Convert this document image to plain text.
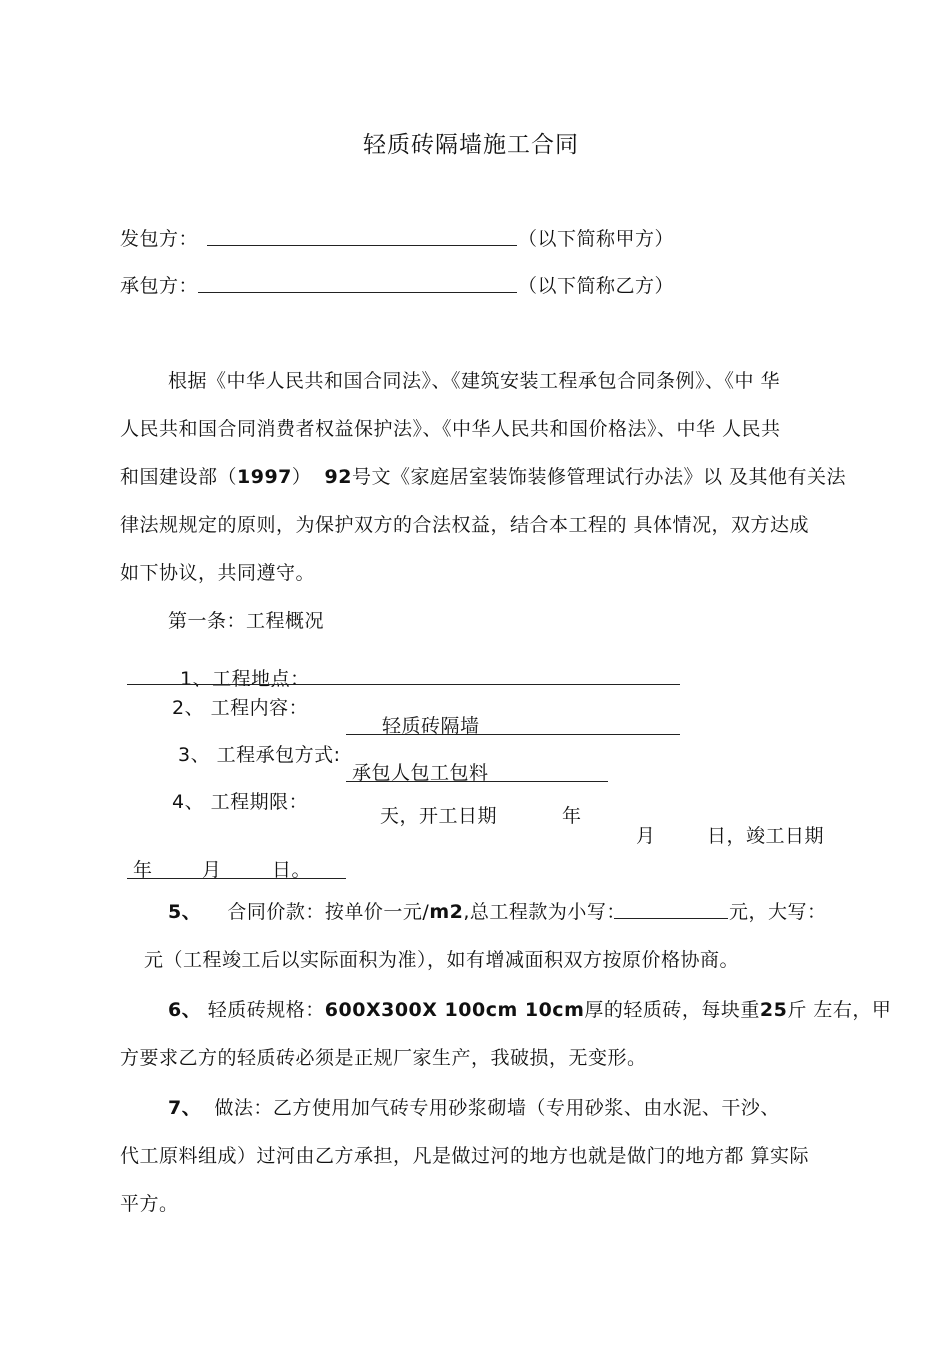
轻质砖隔墙施工合同
发包方：	（以下简称甲方）
承包方：	（以下简称乙方）
根据《中华人民共和国合同法》、《建筑安装工程承包合同条例》、《中 华
人民共和国合同消费者权益保护法》、《中华人民共和国价格法》、中华 人民共
和国建设部（1997） 92号文《家庭居室装饰装修管理试行办法》以 及其他有关法
律法规规定的原则，为保护双方的合法权益，结合本工程的 具体情况，双方达成
如下协议，共同遵守。
第一条：工程概况
1、工程地点：
2、 工程内容：
轻质砖隔墙
3、 工程承包方式:
承包人包工包料
4、 工程期限：
天，开工日期	年
月	日，竣工日期
年	月	日。
5、 合同价款：按单价一元/m2,总工程款为小写：	元，大写：
元（工程竣工后以实际面积为准），如有增减面积双方按原价格协商。
6、 轻质砖规格：600X300X 100cm 10cm厚的轻质砖，每块重25斤 左右，甲
方要求乙方的轻质砖必须是正规厂家生产，我破损，无变形。
7、 做法：乙方使用加气砖专用砂浆砌墙（专用砂浆、由水泥、干沙、
代工原料组成）过河由乙方承担，凡是做过河的地方也就是做门的地方都 算实际
平方。
